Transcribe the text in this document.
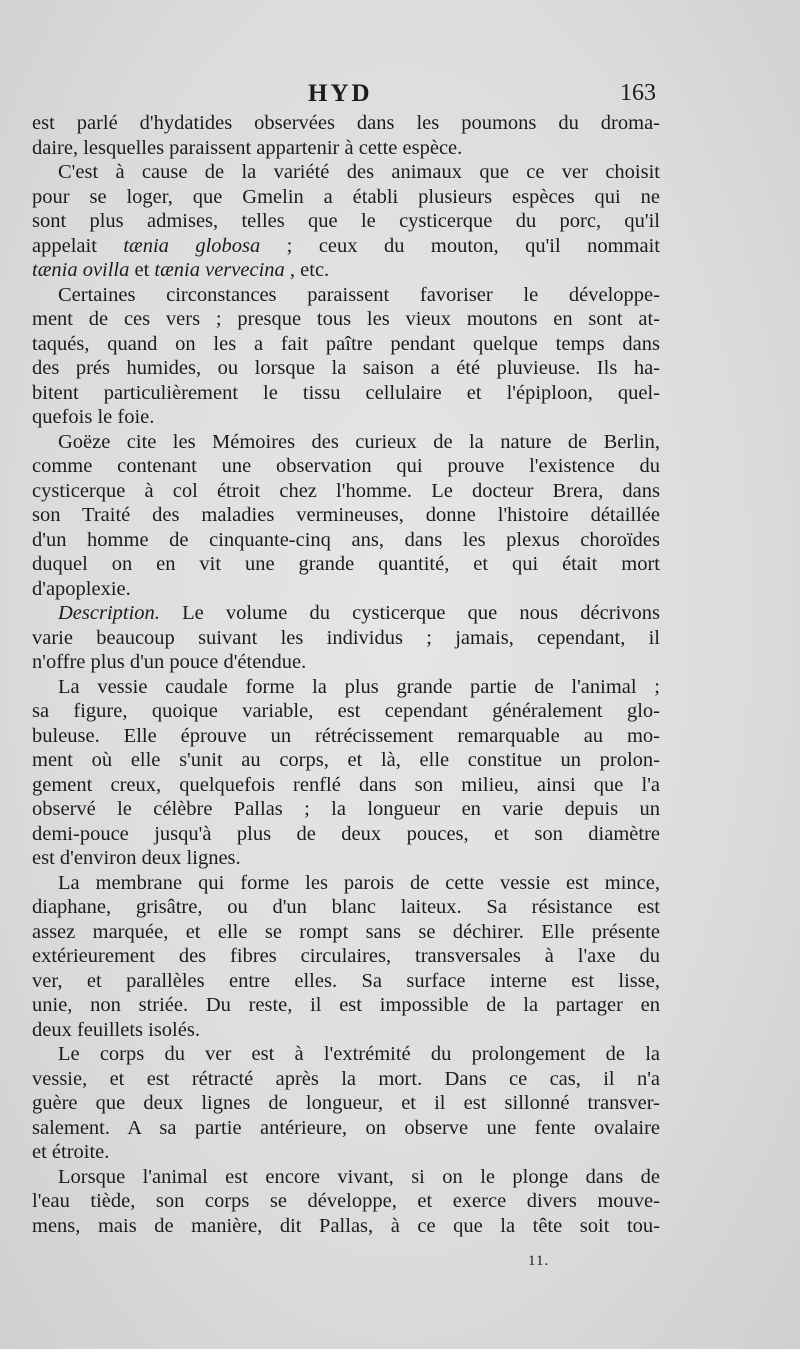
HYD	163
est parlé d'hydatides observées dans les poumons du droma-
daire, lesquelles paraissent appartenir à cette espèce.
C'est à cause de la variété des animaux que ce ver choisit
pour se loger, que Gmelin a établi plusieurs espèces qui ne
sont plus admises, telles que le cysticerque du porc, qu'il
appelait tænia globosa ; ceux du mouton, qu'il nommait
tænia ovilla et tænia vervecina , etc.
Certaines circonstances paraissent favoriser le développe-
ment de ces vers ; presque tous les vieux moutons en sont at-
taqués, quand on les a fait paître pendant quelque temps dans
des prés humides, ou lorsque la saison a été pluvieuse. Ils ha-
bitent particulièrement le tissu cellulaire et l'épiploon, quel-
quefois le foie.
Goëze cite les Mémoires des curieux de la nature de Berlin,
comme contenant une observation qui prouve l'existence du
cysticerque à col étroit chez l'homme. Le docteur Brera, dans
son Traité des maladies vermineuses, donne l'histoire détaillée
d'un homme de cinquante-cinq ans, dans les plexus choroïdes
duquel on en vit une grande quantité, et qui était mort
d'apoplexie.
Description. Le volume du cysticerque que nous décrivons
varie beaucoup suivant les individus ; jamais, cependant, il
n'offre plus d'un pouce d'étendue.
La vessie caudale forme la plus grande partie de l'animal ;
sa figure, quoique variable, est cependant généralement glo-
buleuse. Elle éprouve un rétrécissement remarquable au mo-
ment où elle s'unit au corps, et là, elle constitue un prolon-
gement creux, quelquefois renflé dans son milieu, ainsi que l'a
observé le célèbre Pallas ; la longueur en varie depuis un
demi-pouce jusqu'à plus de deux pouces, et son diamètre
est d'environ deux lignes.
La membrane qui forme les parois de cette vessie est mince,
diaphane, grisâtre, ou d'un blanc laiteux. Sa résistance est
assez marquée, et elle se rompt sans se déchirer. Elle présente
extérieurement des fibres circulaires, transversales à l'axe du
ver, et parallèles entre elles. Sa surface interne est lisse,
unie, non striée. Du reste, il est impossible de la partager en
deux feuillets isolés.
Le corps du ver est à l'extrémité du prolongement de la
vessie, et est rétracté après la mort. Dans ce cas, il n'a
guère que deux lignes de longueur, et il est sillonné transver-
salement. A sa partie antérieure, on observe une fente ovalaire
et étroite.
Lorsque l'animal est encore vivant, si on le plonge dans de
l'eau tiède, son corps se développe, et exerce divers mouve-
mens, mais de manière, dit Pallas, à ce que la tête soit tou-
11.
